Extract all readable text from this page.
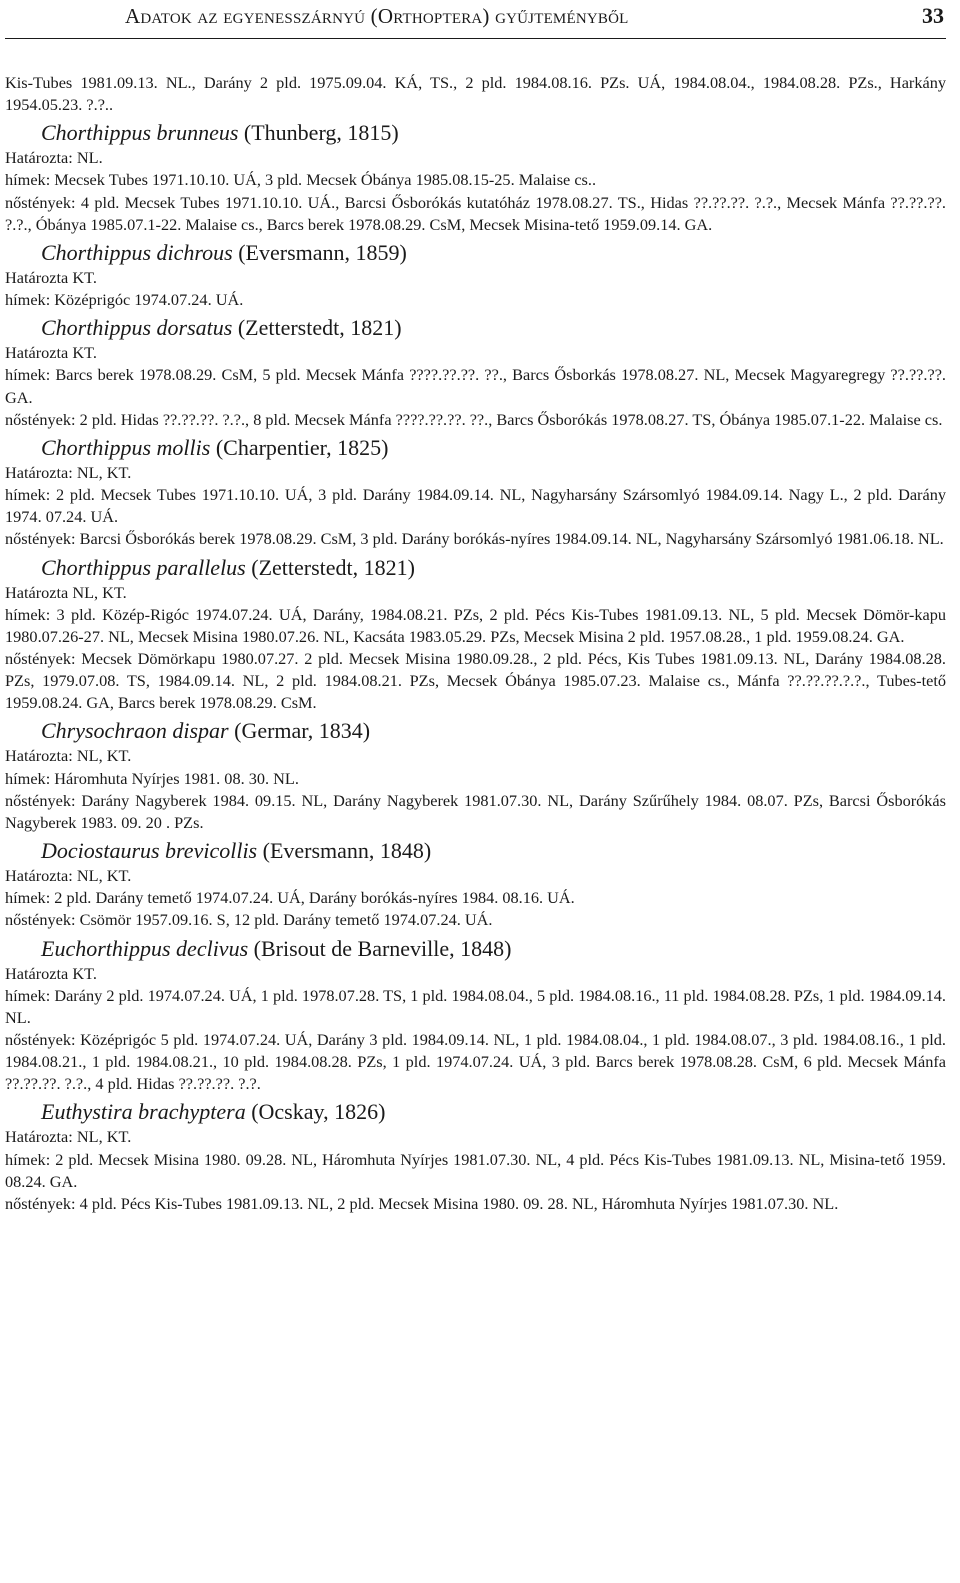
Adatok az egyenesszárnyú (Orthoptera) gyűjteményből	33

Kis-Tubes 1981.09.13. NL., Darány 2 pld. 1975.09.04. KÁ, TS., 2 pld. 1984.08.16. PZs. UÁ, 1984.08.04., 1984.08.28. PZs., Harkány 1954.05.23. ?.?..

Chorthippus brunneus (Thunberg, 1815)

Határozta: NL.

hímek: Mecsek Tubes 1971.10.10. UÁ, 3 pld. Mecsek Óbánya 1985.08.15-25. Malaise cs..

nőstények: 4 pld. Mecsek Tubes 1971.10.10. UÁ., Barcsi Ősborókás kutatóház 1978.08.27. TS., Hidas ??.??.??. ?.?., Mecsek Mánfa ??.??.??. ?.?., Óbánya 1985.07.1-22. Malaise cs., Barcs berek 1978.08.29. CsM, Mecsek Misina-tető 1959.09.14. GA.

Chorthippus dichrous (Eversmann, 1859)

Határozta KT.

hímek: Középrigóc 1974.07.24. UÁ.

Chorthippus dorsatus (Zetterstedt, 1821)

Határozta KT.

hímek: Barcs berek 1978.08.29. CsM, 5 pld. Mecsek Mánfa ????.??.??. ??., Barcs Ősborkás 1978.08.27. NL, Mecsek Magyaregregy ??.??.??. GA.

nőstények: 2 pld. Hidas ??.??.??. ?.?., 8 pld. Mecsek Mánfa ????.??.??. ??., Barcs Ősborókás 1978.08.27. TS, Óbánya 1985.07.1-22. Malaise cs.

Chorthippus mollis (Charpentier, 1825)

Határozta: NL, KT.

hímek: 2 pld. Mecsek Tubes 1971.10.10. UÁ, 3 pld. Darány 1984.09.14. NL, Nagyharsány Szársomlyó 1984.09.14. Nagy L., 2 pld. Darány 1974. 07.24. UÁ.

nőstények: Barcsi Ősborókás berek 1978.08.29. CsM, 3 pld. Darány borókás-nyíres 1984.09.14. NL, Nagyharsány Szársomlyó 1981.06.18. NL.

Chorthippus parallelus (Zetterstedt, 1821)

Határozta NL, KT.

hímek: 3 pld. Közép-Rigóc 1974.07.24. UÁ, Darány, 1984.08.21. PZs, 2 pld. Pécs Kis-Tubes 1981.09.13. NL, 5 pld. Mecsek Dömör-kapu 1980.07.26-27. NL, Mecsek Misina 1980.07.26. NL, Kacsáta 1983.05.29. PZs, Mecsek Misina 2 pld. 1957.08.28., 1 pld. 1959.08.24. GA.

nőstények: Mecsek Dömörkapu 1980.07.27. 2 pld. Mecsek Misina 1980.09.28., 2 pld. Pécs, Kis Tubes 1981.09.13. NL, Darány 1984.08.28. PZs, 1979.07.08. TS, 1984.09.14. NL, 2 pld. 1984.08.21. PZs, Mecsek Óbánya 1985.07.23. Malaise cs., Mánfa ??.??.??.?.?., Tubes-tető 1959.08.24. GA, Barcs berek 1978.08.29. CsM.

Chrysochraon dispar (Germar, 1834)

Határozta: NL, KT.

hímek: Háromhuta Nyírjes 1981. 08. 30. NL.

nőstények: Darány Nagyberek 1984. 09.15. NL, Darány Nagyberek 1981.07.30. NL, Darány Szűrűhely 1984. 08.07. PZs, Barcsi Ősborókás Nagyberek 1983. 09. 20 . PZs.

Dociostaurus brevicollis (Eversmann, 1848)

Határozta: NL, KT.

hímek: 2 pld. Darány temető 1974.07.24. UÁ, Darány borókás-nyíres 1984. 08.16. UÁ.

nőstények: Csömör 1957.09.16. S, 12 pld. Darány temető 1974.07.24. UÁ.

Euchorthippus declivus (Brisout de Barneville, 1848)

Határozta KT.

hímek: Darány 2 pld. 1974.07.24. UÁ, 1 pld. 1978.07.28. TS, 1 pld. 1984.08.04., 5 pld. 1984.08.16., 11 pld. 1984.08.28. PZs, 1 pld. 1984.09.14. NL.

nőstények: Középrigóc 5 pld. 1974.07.24. UÁ, Darány 3 pld. 1984.09.14. NL, 1 pld. 1984.08.04., 1 pld. 1984.08.07., 3 pld. 1984.08.16., 1 pld. 1984.08.21., 1 pld. 1984.08.21., 10 pld. 1984.08.28. PZs, 1 pld. 1974.07.24. UÁ, 3 pld. Barcs berek 1978.08.28. CsM, 6 pld. Mecsek Mánfa ??.??.??. ?.?., 4 pld. Hidas ??.??.??. ?.?.

Euthystira brachyptera (Ocskay, 1826)

Határozta: NL, KT.

hímek: 2 pld. Mecsek Misina 1980. 09.28. NL, Háromhuta Nyírjes 1981.07.30. NL, 4 pld. Pécs Kis-Tubes 1981.09.13. NL, Misina-tető 1959. 08.24. GA.

nőstények: 4 pld. Pécs Kis-Tubes 1981.09.13. NL, 2 pld. Mecsek Misina 1980. 09. 28. NL, Háromhuta Nyírjes 1981.07.30. NL.
